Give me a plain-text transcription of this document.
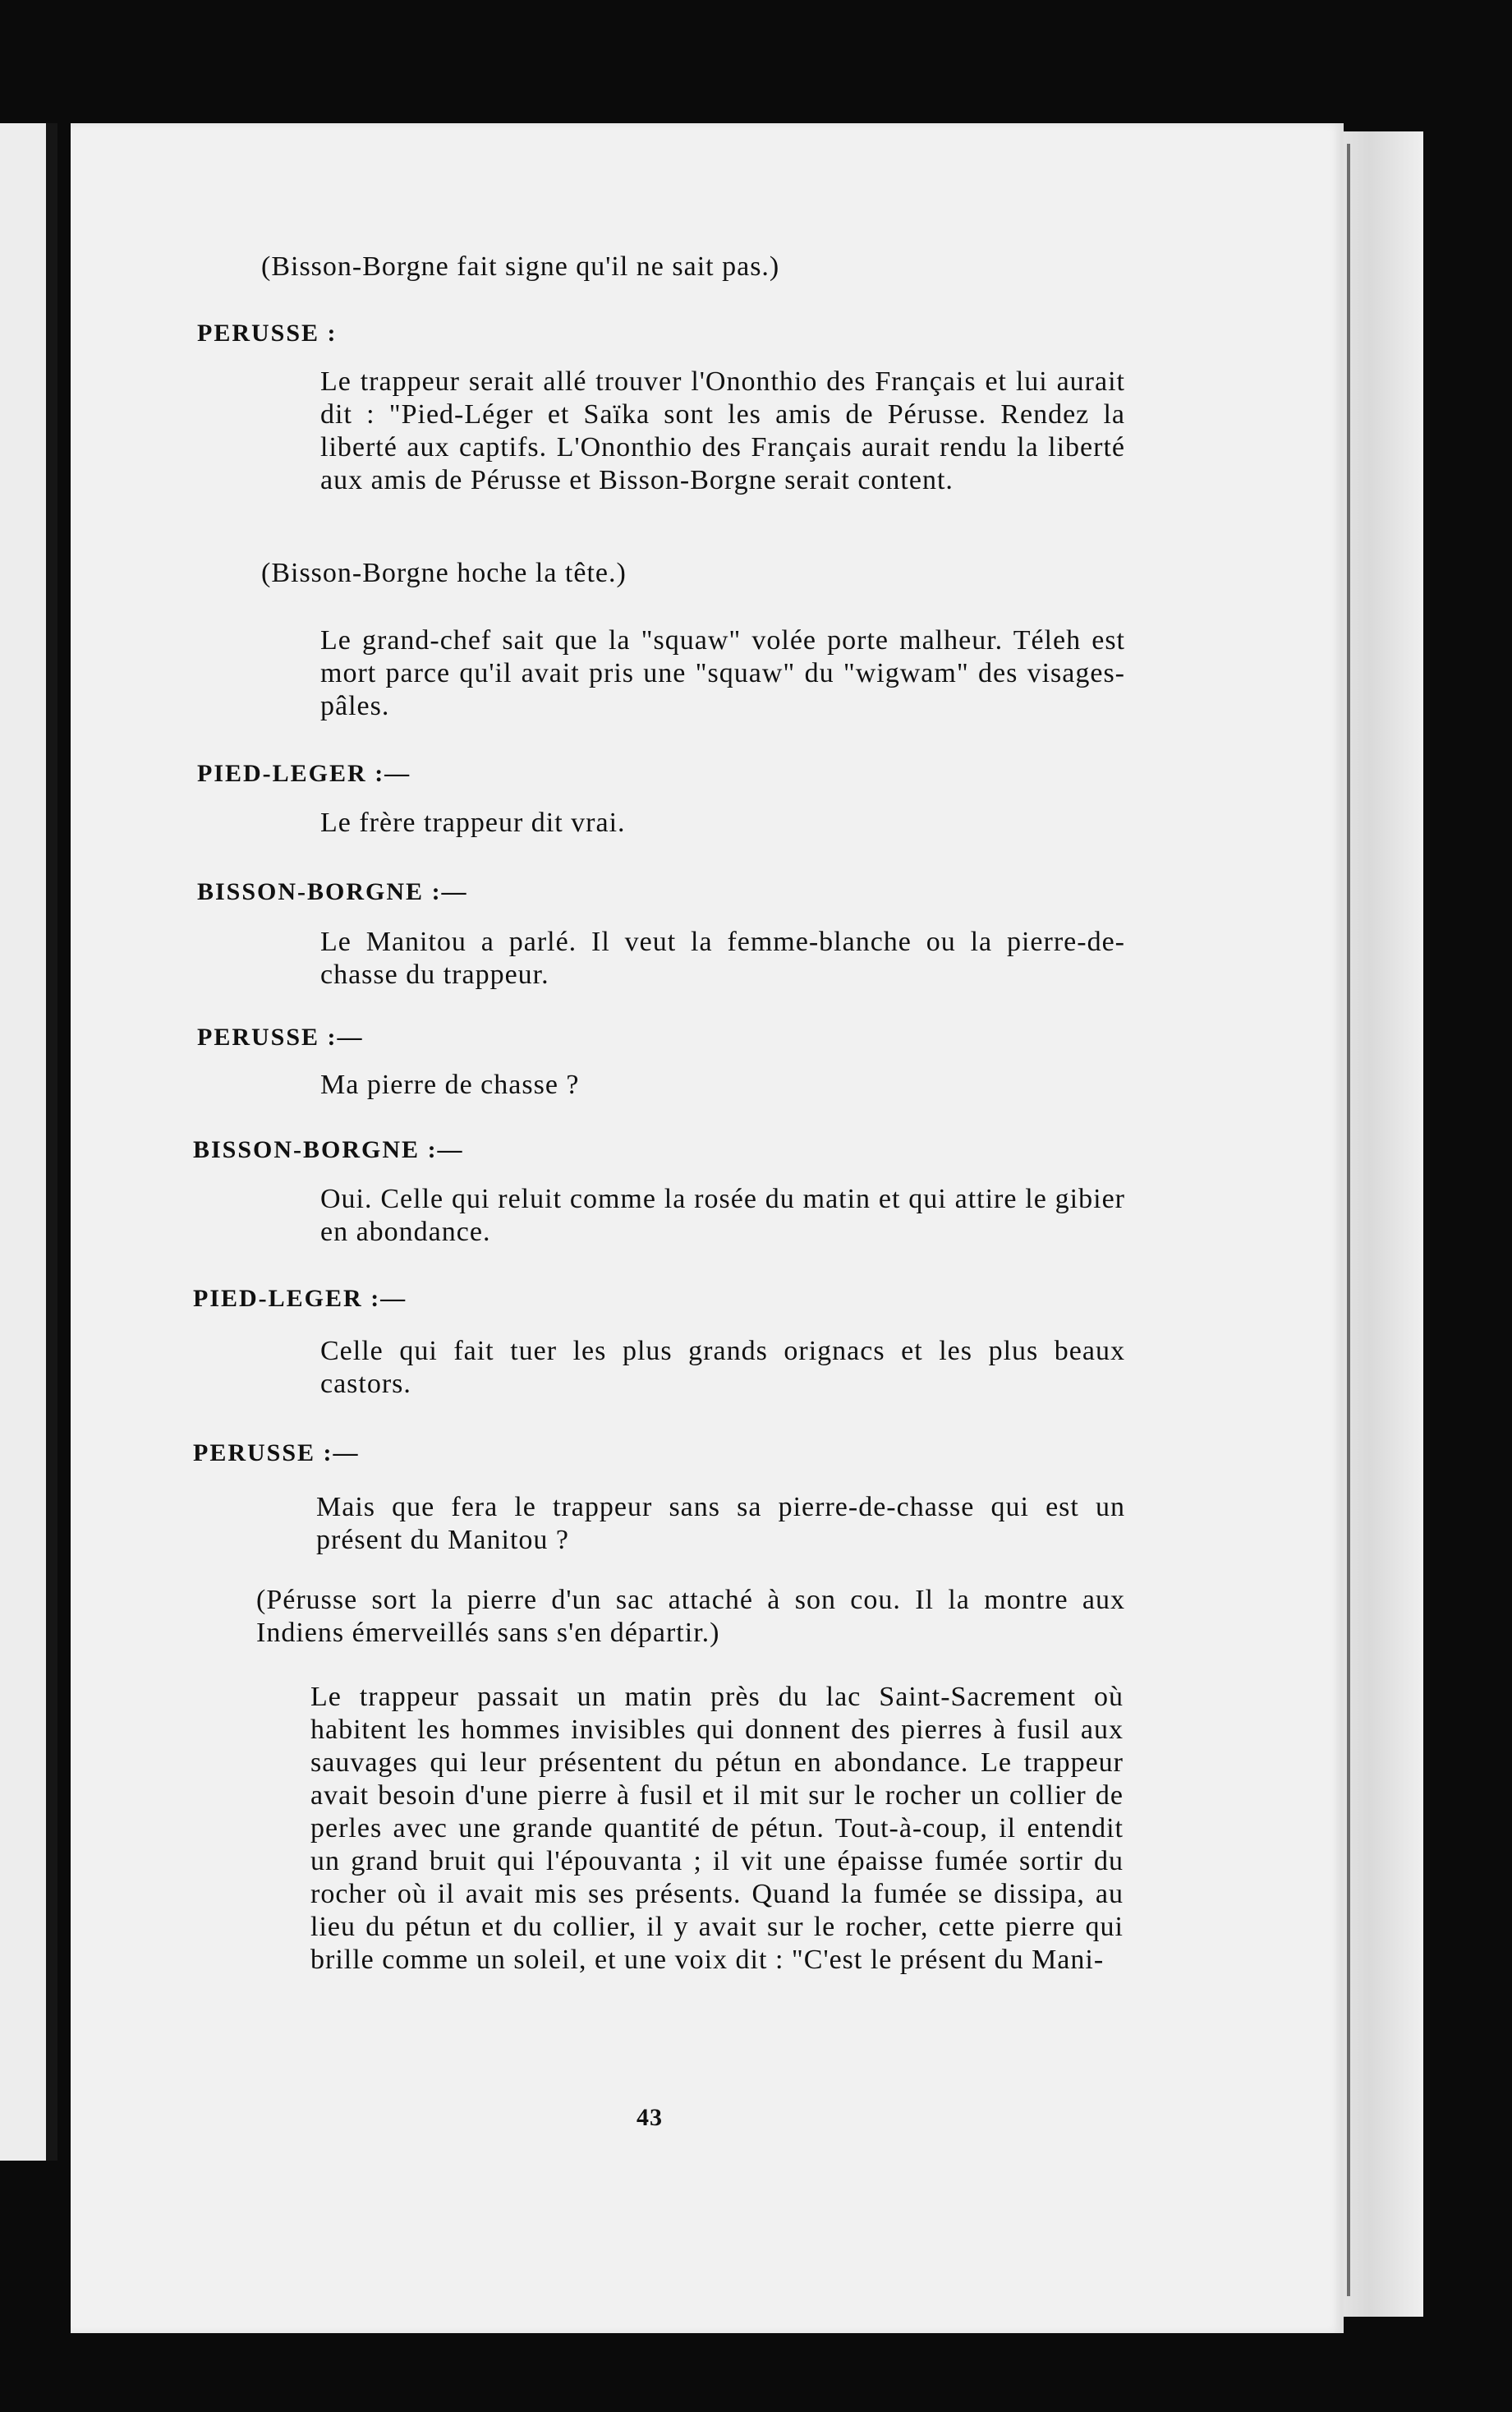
(Bisson-Borgne fait signe qu'il ne sait pas.)

PERUSSE :

Le trappeur serait allé trouver l'Ononthio des Français et lui aurait dit : "Pied-Léger et Saïka sont les amis de Pérusse. Rendez la liberté aux captifs. L'Ononthio des Français aurait rendu la liberté aux amis de Pérusse et Bisson-Borgne serait content.

(Bisson-Borgne hoche la tête.)

Le grand-chef sait que la "squaw" volée porte malheur. Téleh est mort parce qu'il avait pris une "squaw" du "wigwam" des visages-pâles.

PIED-LEGER :—

Le frère trappeur dit vrai.

BISSON-BORGNE :—

Le Manitou a parlé. Il veut la femme-blanche ou la pierre-de-chasse du trappeur.

PERUSSE :—

Ma pierre de chasse ?

BISSON-BORGNE :—

Oui. Celle qui reluit comme la rosée du matin et qui attire le gibier en abondance.

PIED-LEGER :—

Celle qui fait tuer les plus grands orignacs et les plus beaux castors.

PERUSSE :—

Mais que fera le trappeur sans sa pierre-de-chasse qui est un présent du Manitou ?

(Pérusse sort la pierre d'un sac attaché à son cou. Il la montre aux Indiens émerveillés sans s'en départir.)

Le trappeur passait un matin près du lac Saint-Sacrement où habitent les hommes invisibles qui donnent des pierres à fusil aux sauvages qui leur présentent du pétun en abondance. Le trappeur avait besoin d'une pierre à fusil et il mit sur le rocher un collier de perles avec une grande quantité de pétun. Tout-à-coup, il entendit un grand bruit qui l'épouvanta ; il vit une épaisse fumée sortir du rocher où il avait mis ses présents. Quand la fumée se dissipa, au lieu du pétun et du collier, il y avait sur le rocher, cette pierre qui brille comme un soleil, et une voix dit : "C'est le présent du Mani-

43
